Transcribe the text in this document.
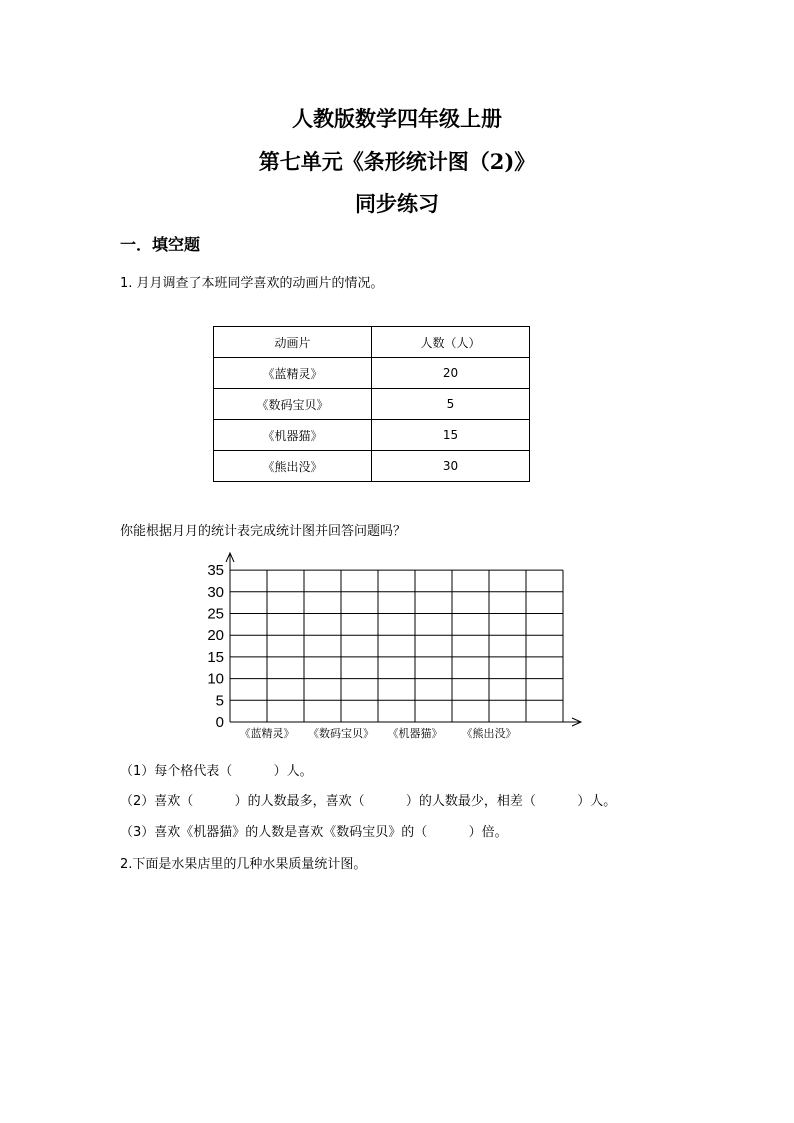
人教版数学四年级上册
第七单元《条形统计图（2)》
同步练习
一．填空题
1. 月月调查了本班同学喜欢的动画片的情况。
动画片	人数（人）
《蓝精灵》	20
《数码宝贝》	5
《机器猫》	15
《熊出没》	30
你能根据月月的统计表完成统计图并回答问题吗？
0
5
10
15
20
25
30
35
《蓝精灵》 《数码宝贝》 《机器猫》 《熊出没》
（1）每个格代表（          ）人。
（2）喜欢（          ）的人数最多，喜欢（          ）的人数最少，相差（          ）人。
（3）喜欢《机器猫》的人数是喜欢《数码宝贝》的（          ）倍。
2.下面是水果店里的几种水果质量统计图。
